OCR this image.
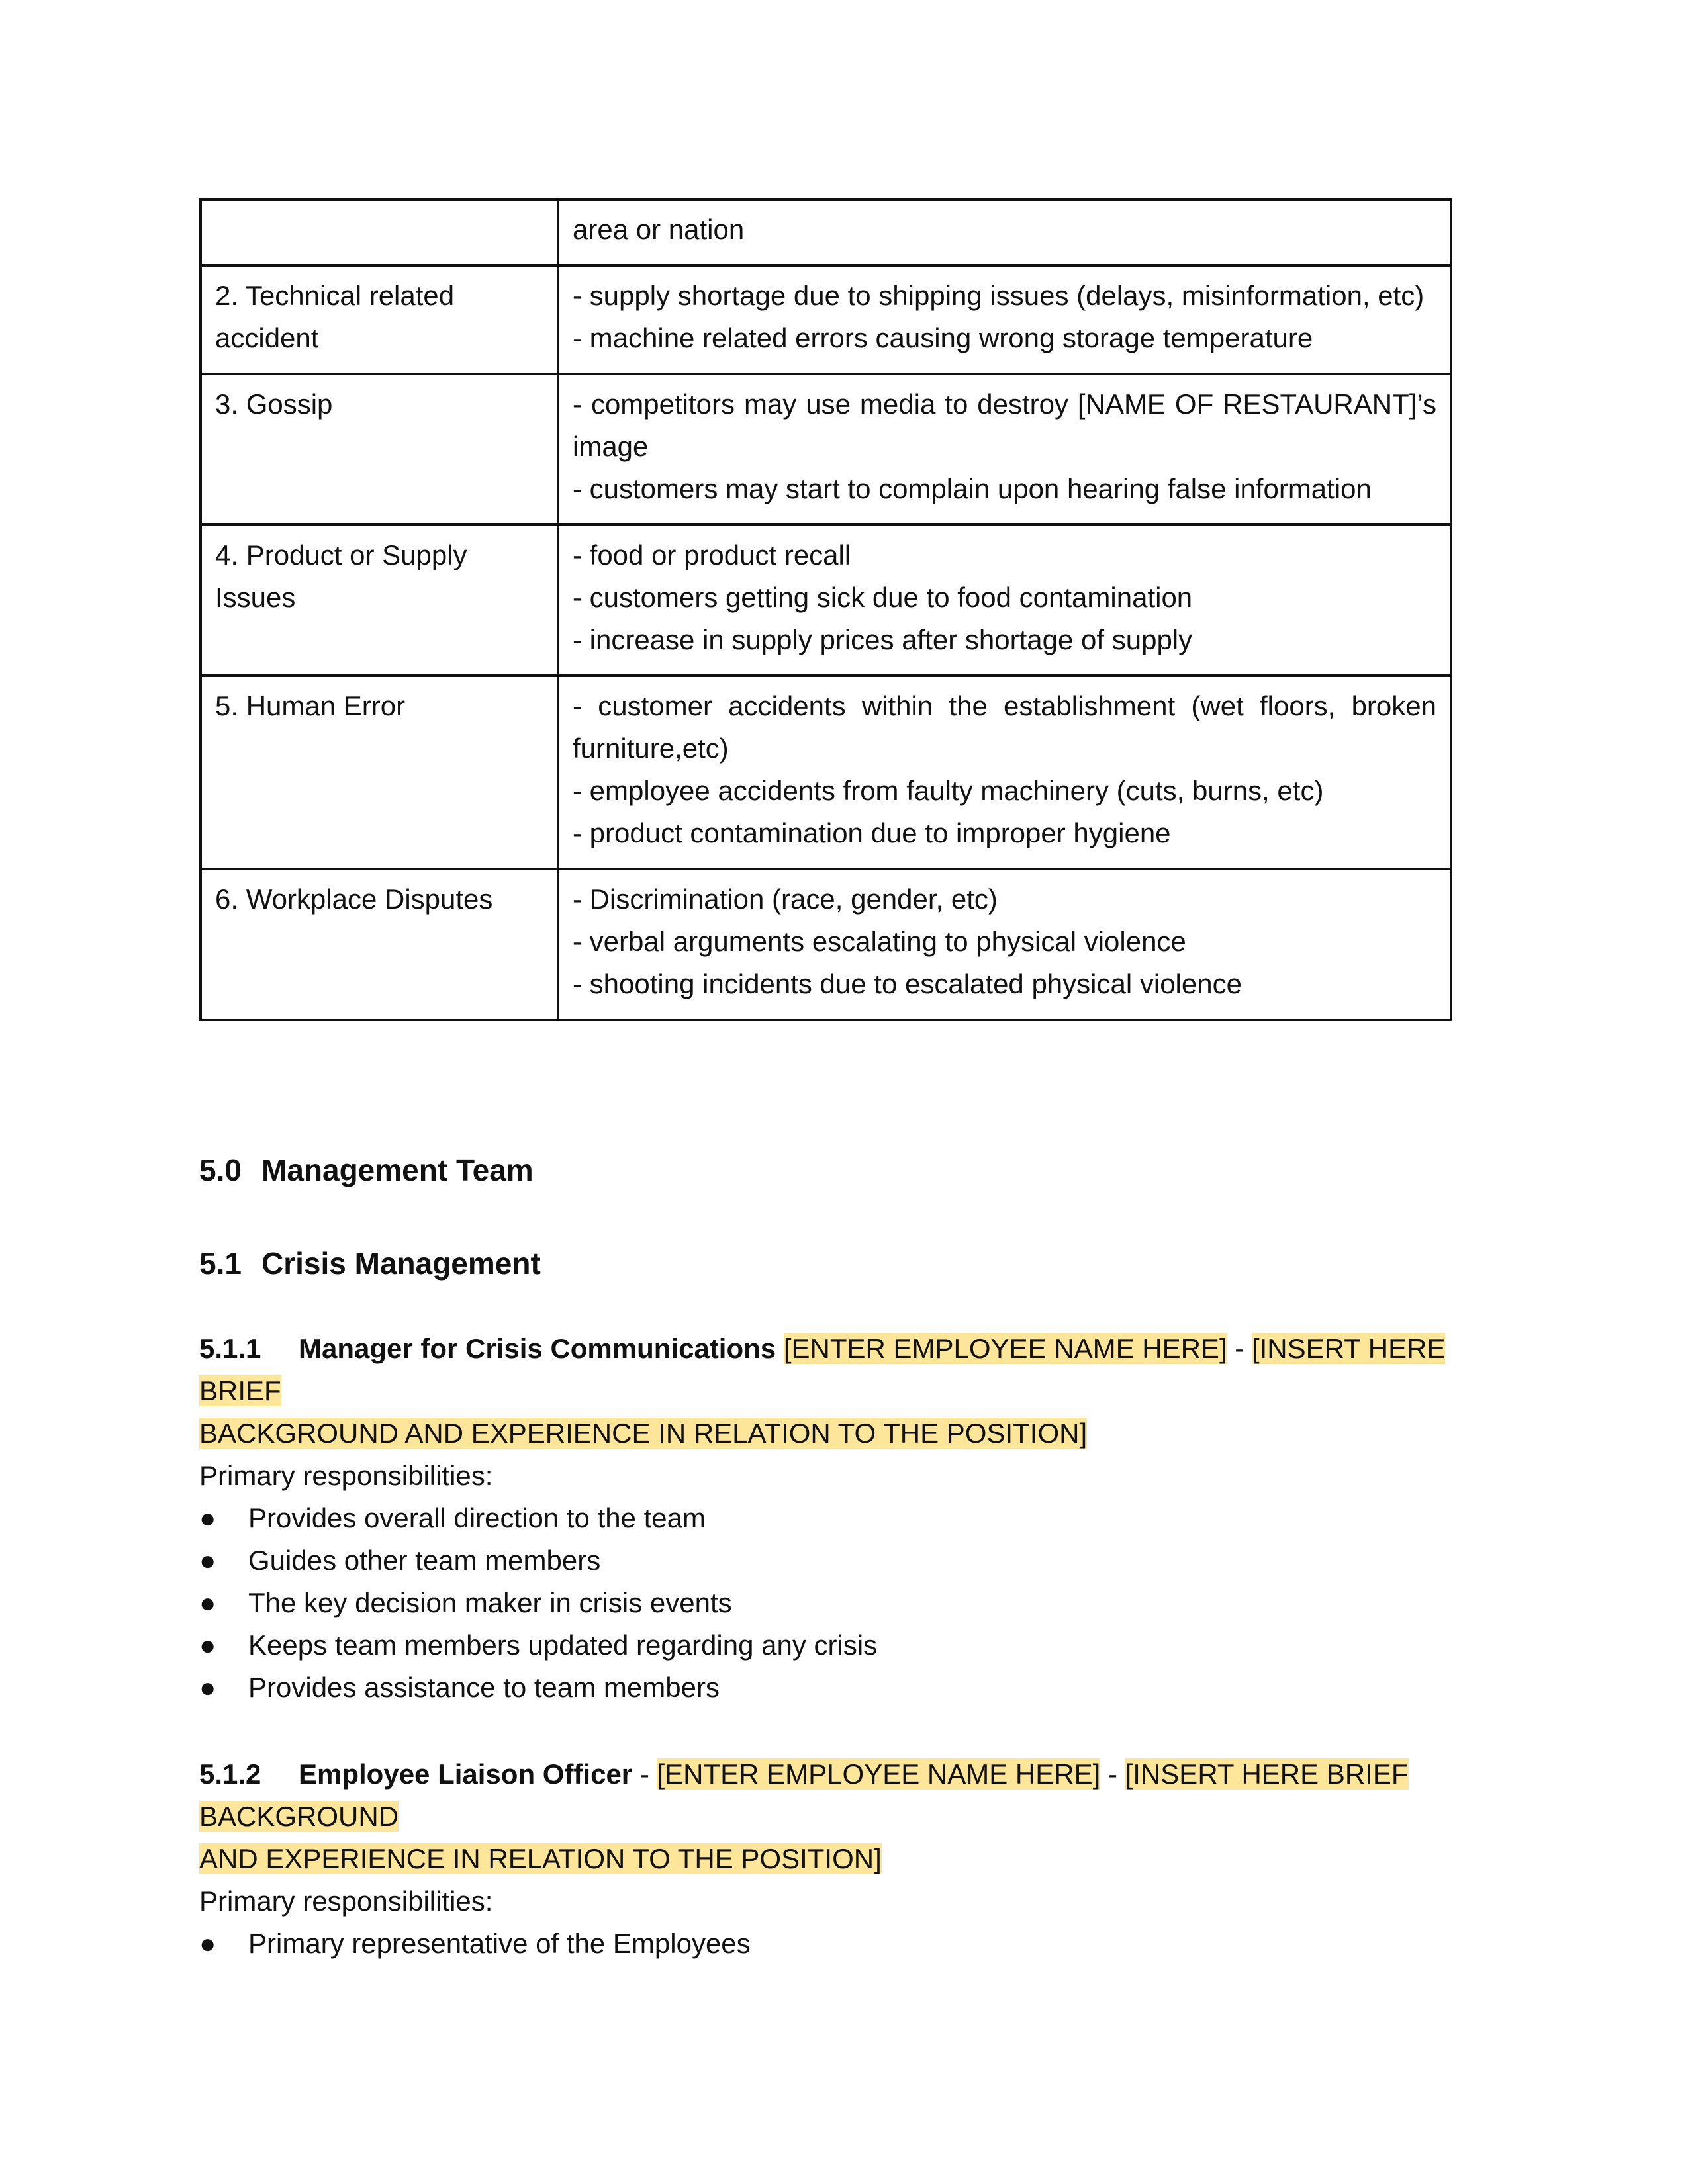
	area or nation

2. Technical related accident	- supply shortage due to shipping issues (delays, misinformation, etc)
- machine related errors causing wrong storage temperature

3. Gossip	- competitors may use media to destroy [NAME OF RESTAURANT]’s image
- customers may start to complain upon hearing false information

4. Product or Supply Issues	- food or product recall
- customers getting sick due to food contamination
- increase in supply prices after shortage of supply

5. Human Error	- customer accidents within the establishment (wet floors, broken furniture,etc)
- employee accidents from faulty machinery (cuts, burns, etc)
- product contamination due to improper hygiene

6. Workplace Disputes	- Discrimination (race, gender, etc)
- verbal arguments escalating to physical violence
- shooting incidents due to escalated physical violence
5.0 Management Team
5.1 Crisis Management
5.1.1 Manager for Crisis Communications [ENTER EMPLOYEE NAME HERE] - [INSERT HERE BRIEF
BACKGROUND AND EXPERIENCE IN RELATION TO THE POSITION]
Primary responsibilities:
● Provides overall direction to the team
● Guides other team members
● The key decision maker in crisis events
● Keeps team members updated regarding any crisis
● Provides assistance to team members
5.1.2 Employee Liaison Officer - [ENTER EMPLOYEE NAME HERE] - [INSERT HERE BRIEF BACKGROUND
AND EXPERIENCE IN RELATION TO THE POSITION]
Primary responsibilities:
● Primary representative of the Employees
